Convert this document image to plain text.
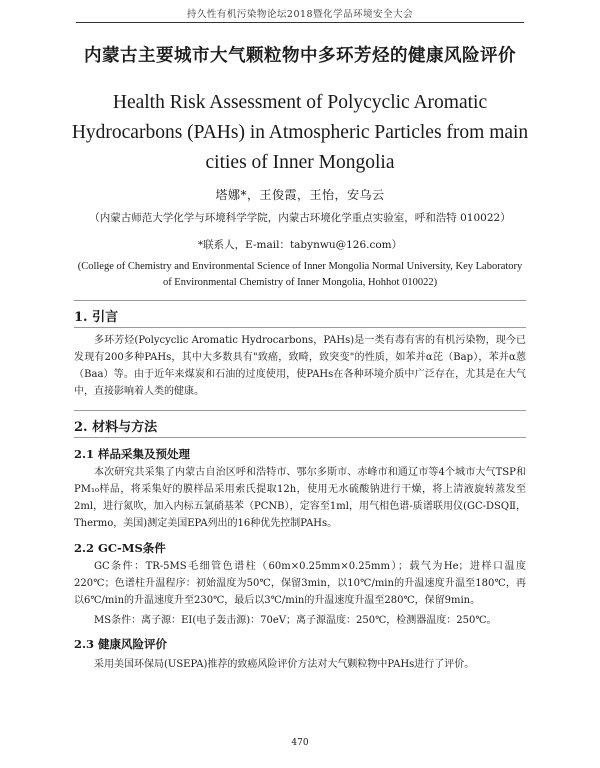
持久性有机污染物论坛2018暨化学品环境安全大会
内蒙古主要城市大气颗粒物中多环芳烃的健康风险评价
Health Risk Assessment of Polycyclic Aromatic Hydrocarbons (PAHs) in Atmospheric Particles from main cities of Inner Mongolia
塔娜*，王俊霞，王怡，安乌云
（内蒙古师范大学化学与环境科学学院，内蒙古环境化学重点实验室，呼和浩特 010022）
*联系人，E-mail：tabynwu@126.com）
(College of Chemistry and Environmental Science of Inner Mongolia Normal University, Key Laboratory of Environmental Chemistry of Inner Mongolia, Hohhot 010022)
1. 引言

多环芳烃(Polycyclic Aromatic Hydrocarbons，PAHs)是一类有毒有害的有机污染物，现今已发现有200多种PAHs，其中大多数具有"致癌，致畸，致突变"的性质，如苯并α芘（Bap），苯并α蒽（Baa）等。由于近年来煤炭和石油的过度使用，使PAHs在各种环境介质中广泛存在，尤其是在大气中，直接影响着人类的健康。

2. 材料与方法
2.1 样品采集及预处理

本次研究共采集了内蒙古自治区呼和浩特市、鄂尔多斯市、赤峰市和通辽市等4个城市大气TSP和PM₁₀样品，将采集好的膜样品采用索氏提取12h，使用无水硫酸钠进行干燥，将上清液旋转蒸发至2ml，进行氮吹，加入内标五氯硝基苯（PCNB），定容至1ml，用气相色谱-质谱联用仪(GC-DSQⅡ，Thermo，美国)测定美国EPA列出的16种优先控制PAHs。

2.2 GC-MS条件

GC条件：TR-5MS毛细管色谱柱（60m×0.25mm×0.25mm）；载气为He；进样口温度220℃；色谱柱升温程序：初始温度为50℃，保留3min，以10℃/min的升温速度升温至180℃，再以6℃/min的升温速度升至230℃，最后以3℃/min的升温速度升温至280℃，保留9min。

MS条件：离子源：EI(电子轰击源)：70eV；离子源温度：250℃，检测器温度：250℃。

2.3 健康风险评价

采用美国环保局(USEPA)推荐的致癌风险评价方法对大气颗粒物中PAHs进行了评价。

470
